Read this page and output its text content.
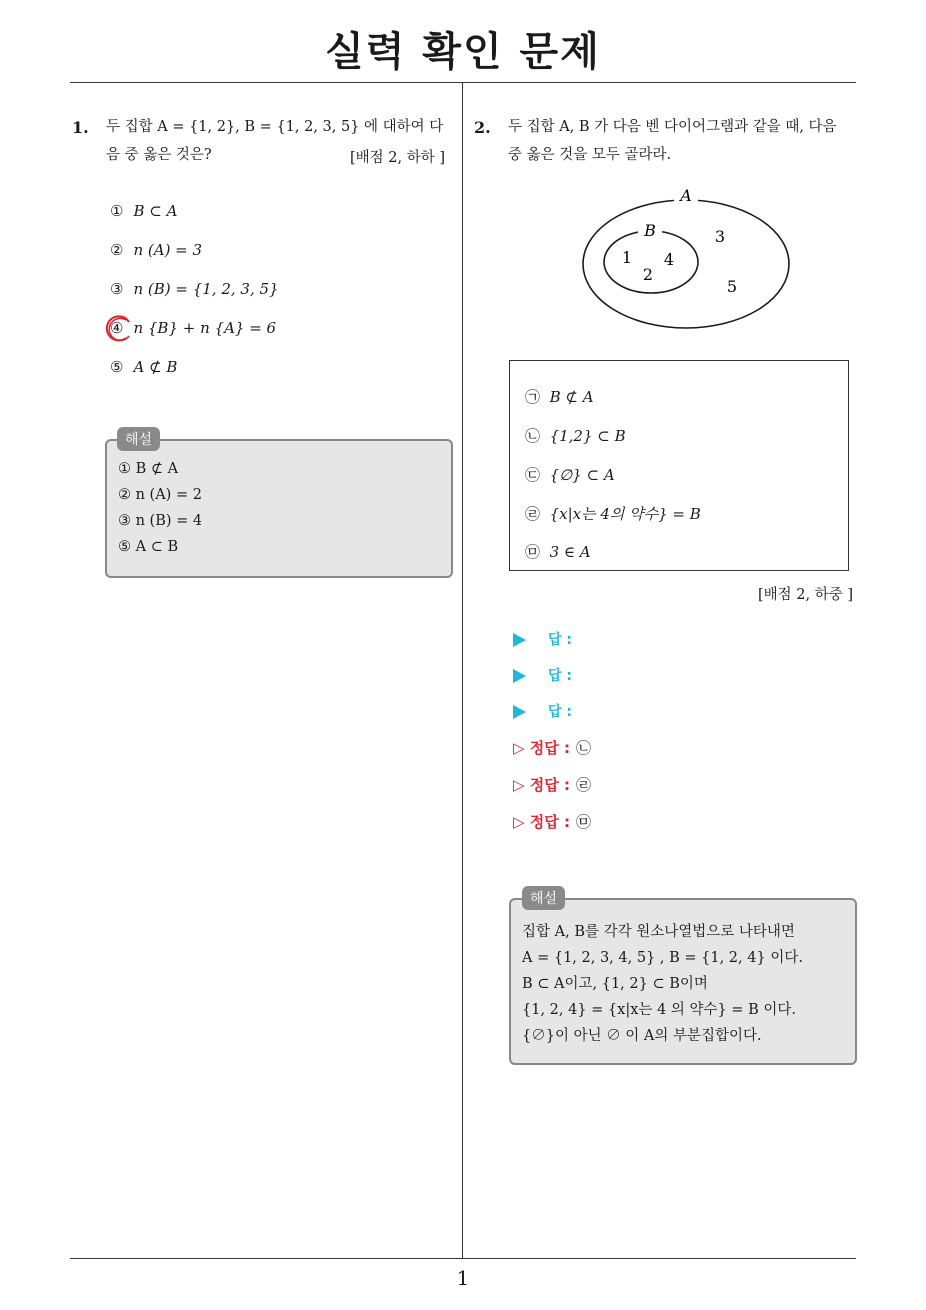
실력 확인 문제
1. 두 집합 A = {1, 2}, B = {1, 2, 3, 5} 에 대하여 다
음 중 옳은 것은?	[배점 2, 하하 ]
① B ⊂ A
② n (A) = 3
③ n (B) = {1, 2, 3, 5}
④ n {B} + n {A} = 6
⑤ A ⊄ B
해설
① B ⊄ A
② n (A) = 2
③ n (B) = 4
⑤ A ⊂ B
2. 두 집합 A, B 가 다음 벤 다이어그램과 같을 때, 다음
중 옳은 것을 모두 골라라.
A
B
1
2
4
3
5
㉠ B ⊄ A
㉡ {1,2} ⊂ B
㉢ {∅} ⊂ A
㉣ {x|x는 4의 약수} = B
㉤ 3 ∈ A
[배점 2, 하중 ]
답 :
답 :
답 :
▷ 정답 : ㉡
▷ 정답 : ㉣
▷ 정답 : ㉤
해설
집합 A, B를 각각 원소나열법으로 나타내면
A = {1, 2, 3, 4, 5} , B = {1, 2, 4} 이다.
B ⊂ A이고, {1, 2} ⊂ B이며
{1, 2, 4} = {x|x는 4 의 약수} = B 이다.
{∅}이 아닌 ∅ 이 A의 부분집합이다.
1
